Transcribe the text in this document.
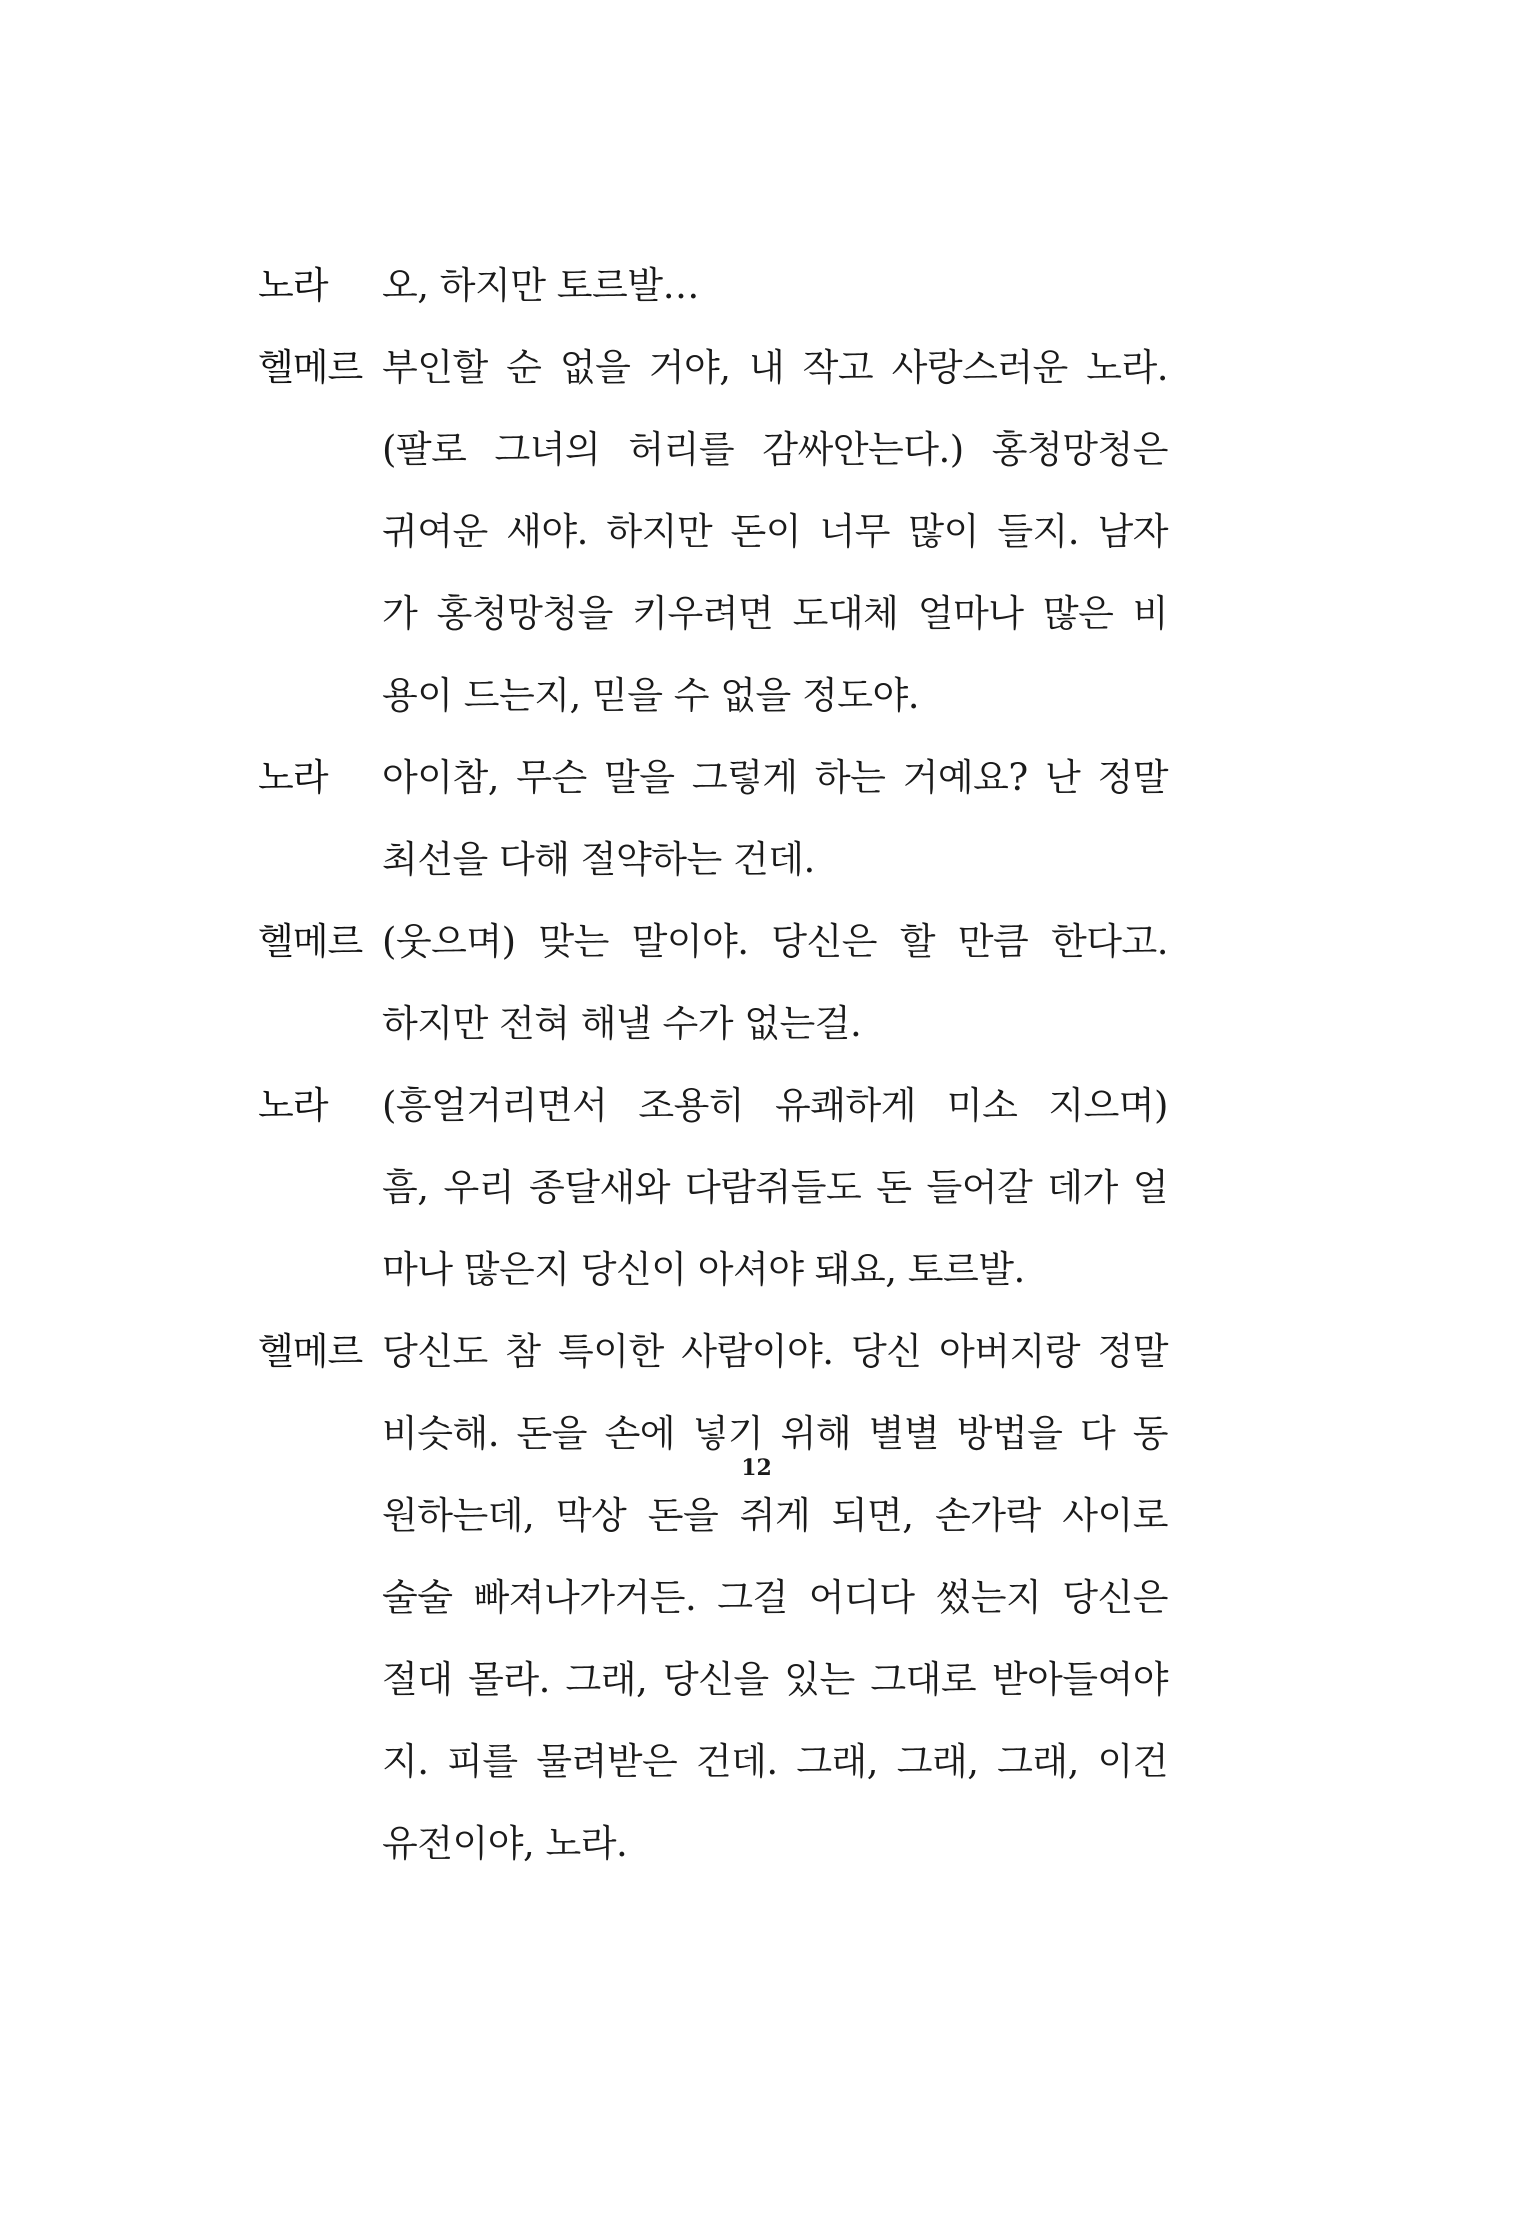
노라	오, 하지만 토르발…
헬메르 부인할 순 없을 거야, 내 작고 사랑스러운 노라.
(팔로 그녀의 허리를 감싸안는다.) 홍청망청은
귀여운 새야. 하지만 돈이 너무 많이 들지. 남자
가 홍청망청을 키우려면 도대체 얼마나 많은 비
용이 드는지, 믿을 수 없을 정도야.
노라	아이참, 무슨 말을 그렇게 하는 거예요? 난 정말
최선을 다해 절약하는 건데.
헬메르 (웃으며) 맞는 말이야. 당신은 할 만큼 한다고.
하지만 전혀 해낼 수가 없는걸.
노라	(흥얼거리면서 조용히 유쾌하게 미소 지으며)
흠, 우리 종달새와 다람쥐들도 돈 들어갈 데가 얼
마나 많은지 당신이 아셔야 돼요, 토르발.
헬메르 당신도 참 특이한 사람이야. 당신 아버지랑 정말
비슷해. 돈을 손에 넣기 위해 별별 방법을 다 동
원하는데, 막상 돈을 쥐게 되면, 손가락 사이로
술술 빠져나가거든. 그걸 어디다 썼는지 당신은
절대 몰라. 그래, 당신을 있는 그대로 받아들여야
지. 피를 물려받은 건데. 그래, 그래, 그래, 이건
유전이야, 노라.
12
